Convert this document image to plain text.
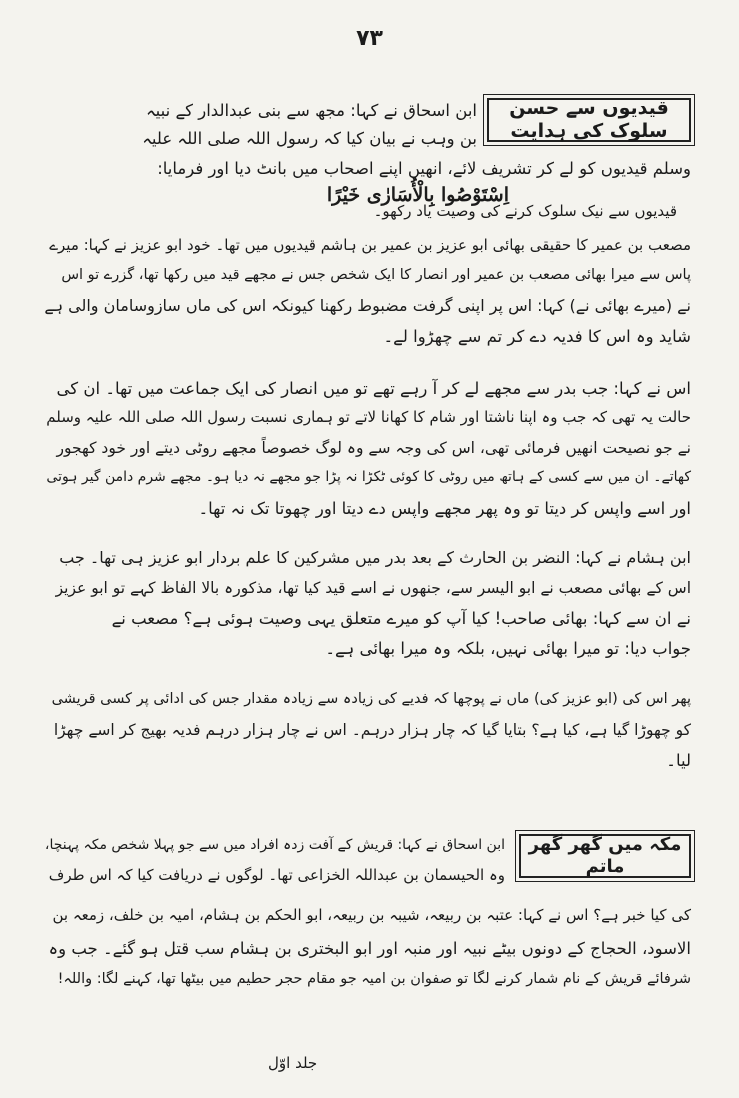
۷۳
قیدیوں سے حسن سلوک کی ہدایت
مکہ میں گھر گھر ماتم
ابن اسحاق نے کہا: مجھ سے بنی عبدالدار کے نبیہ
بن وہب نے بیان کیا کہ رسول اللہ صلی اللہ علیہ
وسلم قیدیوں کو لے کر تشریف لائے، انھیں اپنے اصحاب میں بانٹ دیا اور فرمایا:
اِسْتَوْصُوا بِالْأُسَارٰی خَیْرًا
قیدیوں سے نیک سلوک کرنے کی وصیت یاد رکھو۔
مصعب بن عمیر کا حقیقی بھائی ابو عزیز بن عمیر بن ہاشم قیدیوں میں تھا۔ خود ابو عزیز نے کہا: میرے
پاس سے میرا بھائی مصعب بن عمیر اور انصار کا ایک شخص جس نے مجھے قید میں رکھا تھا، گزرے تو اس
نے (میرے بھائی نے) کہا: اس پر اپنی گرفت مضبوط رکھنا کیونکہ اس کی ماں سازوسامان والی ہے
شاید وہ اس کا فدیہ دے کر تم سے چھڑوا لے۔
اس نے کہا: جب بدر سے مجھے لے کر آ رہے تھے تو میں انصار کی ایک جماعت میں تھا۔ ان کی
حالت یہ تھی کہ جب وہ اپنا ناشتا اور شام کا کھانا لاتے تو ہماری نسبت رسول اللہ صلی اللہ علیہ وسلم
نے جو نصیحت انھیں فرمائی تھی، اس کی وجہ سے وہ لوگ خصوصاً مجھے روٹی دیتے اور خود کھجور
کھاتے۔ ان میں سے کسی کے ہاتھ میں روٹی کا کوئی ٹکڑا نہ پڑا جو مجھے نہ دیا ہو۔ مجھے شرم دامن گیر ہوتی
اور اسے واپس کر دیتا تو وہ پھر مجھے واپس دے دیتا اور چھوتا تک نہ تھا۔
ابن ہشام نے کہا: النضر بن الحارث کے بعد بدر میں مشرکین کا علم بردار ابو عزیز ہی تھا۔ جب
اس کے بھائی مصعب نے ابو الیسر سے، جنھوں نے اسے قید کیا تھا، مذکورہ بالا الفاظ کہے تو ابو عزیز
نے ان سے کہا: بھائی صاحب! کیا آپ کو میرے متعلق یہی وصیت ہوئی ہے؟ مصعب نے
جواب دیا: تو میرا بھائی نہیں، بلکہ وہ میرا بھائی ہے۔
پھر اس کی (ابو عزیز کی) ماں نے پوچھا کہ فدیے کی زیادہ سے زیادہ مقدار جس کی ادائی پر کسی قریشی
کو چھوڑا گیا ہے، کیا ہے؟ بتایا گیا کہ چار ہزار درہم۔ اس نے چار ہزار درہم فدیہ بھیج کر اسے چھڑا
لیا۔
ابن اسحاق نے کہا: قریش کے آفت زدہ افراد میں سے جو پہلا شخص مکہ پہنچا،
وہ الحیسمان بن عبداللہ الخزاعی تھا۔ لوگوں نے دریافت کیا کہ اس طرف
کی کیا خبر ہے؟ اس نے کہا: عتبہ بن ربیعہ، شیبہ بن ربیعہ، ابو الحکم بن ہشام، امیہ بن خلف، زمعہ بن
الاسود، الحجاج کے دونوں بیٹے نبیہ اور منبہ اور ابو البختری بن ہشام سب قتل ہو گئے۔ جب وہ
شرفائے قریش کے نام شمار کرنے لگا تو صفوان بن امیہ جو مقام حجر حطیم میں بیٹھا تھا، کہنے لگا: واللہ!
جلد اوّل
